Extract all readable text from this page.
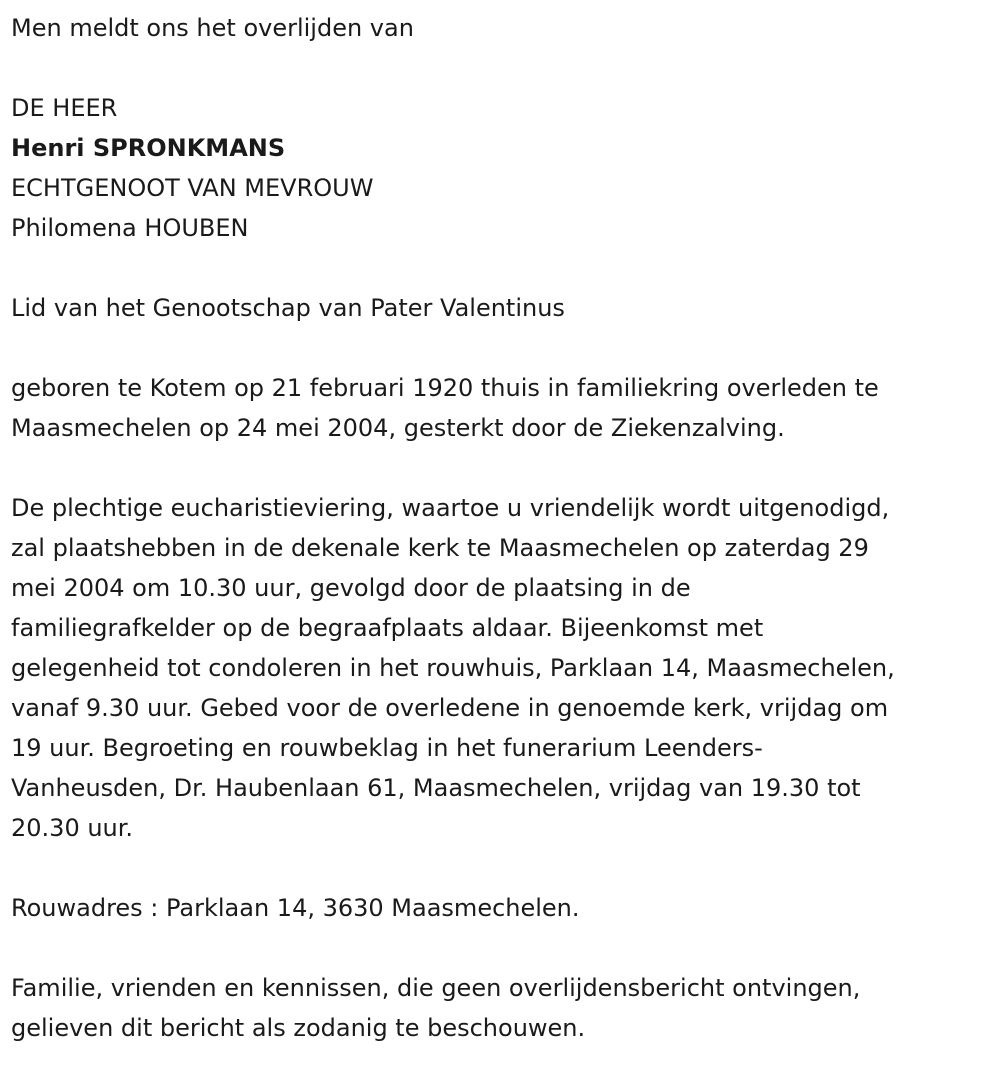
Men meldt ons het overlijden van

DE HEER

Henri SPRONKMANS

ECHTGENOOT VAN MEVROUW

Philomena HOUBEN

Lid van het Genootschap van Pater Valentinus

geboren te Kotem op 21 februari 1920 thuis in familiekring overleden te

Maasmechelen op 24 mei 2004, gesterkt door de Ziekenzalving.

De plechtige eucharistieviering, waartoe u vriendelijk wordt uitgenodigd,

zal plaatshebben in de dekenale kerk te Maasmechelen op zaterdag 29

mei 2004 om 10.30 uur, gevolgd door de plaatsing in de

familiegrafkelder op de begraafplaats aldaar. Bijeenkomst met

gelegenheid tot condoleren in het rouwhuis, Parklaan 14, Maasmechelen,

vanaf 9.30 uur. Gebed voor de overledene in genoemde kerk, vrijdag om

19 uur. Begroeting en rouwbeklag in het funerarium Leenders-

Vanheusden, Dr. Haubenlaan 61, Maasmechelen, vrijdag van 19.30 tot

20.30 uur.

Rouwadres : Parklaan 14, 3630 Maasmechelen.

Familie, vrienden en kennissen, die geen overlijdensbericht ontvingen,

gelieven dit bericht als zodanig te beschouwen.
